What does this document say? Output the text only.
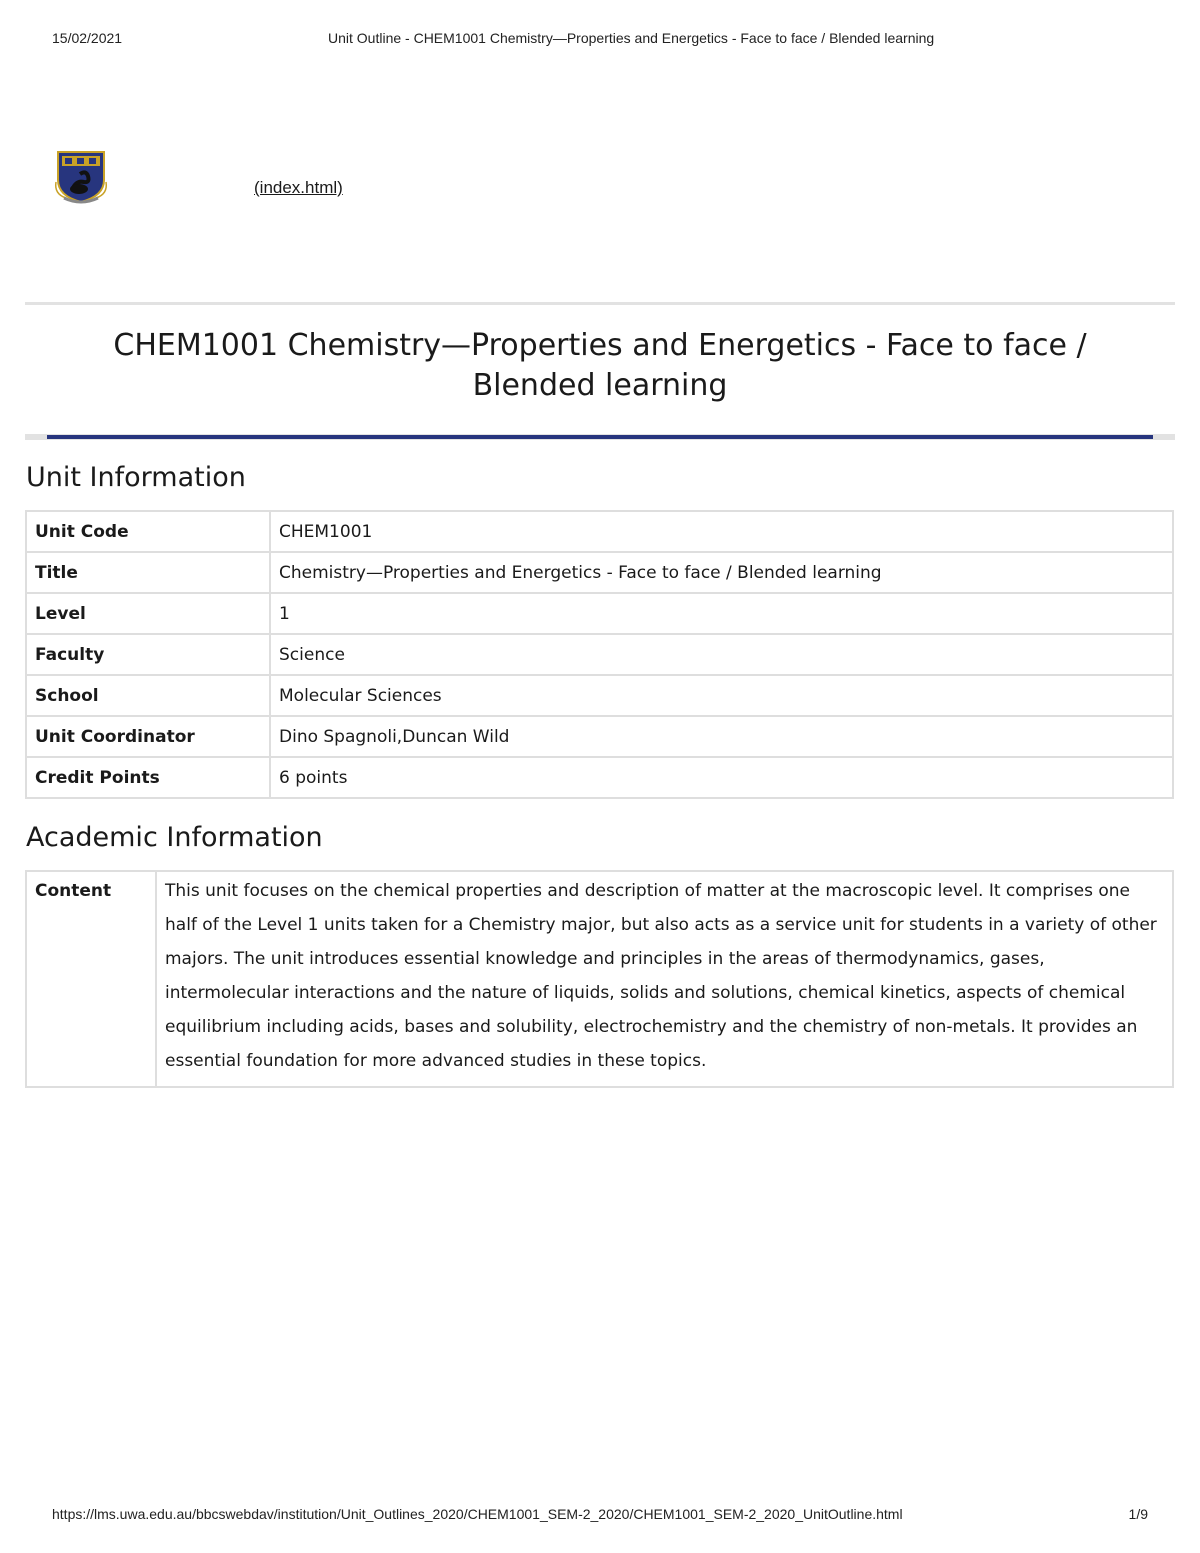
15/02/2021	Unit Outline - CHEM1001 Chemistry—Properties and Energetics - Face to face / Blended learning
(index.html)
CHEM1001 Chemistry—Properties and Energetics - Face to face /
Blended learning
Unit Information
Unit Code	CHEM1001
Title	Chemistry—Properties and Energetics - Face to face / Blended learning
Level	1
Faculty	Science
School	Molecular Sciences
Unit Coordinator	Dino Spagnoli,Duncan Wild
Credit Points	6 points
Academic Information
Content	This unit focuses on the chemical properties and description of matter at the macroscopic level. It comprises one half of the Level 1 units taken for a Chemistry major, but also acts as a service unit for students in a variety of other majors. The unit introduces essential knowledge and principles in the areas of thermodynamics, gases, intermolecular interactions and the nature of liquids, solids and solutions, chemical kinetics, aspects of chemical equilibrium including acids, bases and solubility, electrochemistry and the chemistry of non-metals. It provides an essential foundation for more advanced studies in these topics.
https://lms.uwa.edu.au/bbcswebdav/institution/Unit_Outlines_2020/CHEM1001_SEM-2_2020/CHEM1001_SEM-2_2020_UnitOutline.html	1/9
